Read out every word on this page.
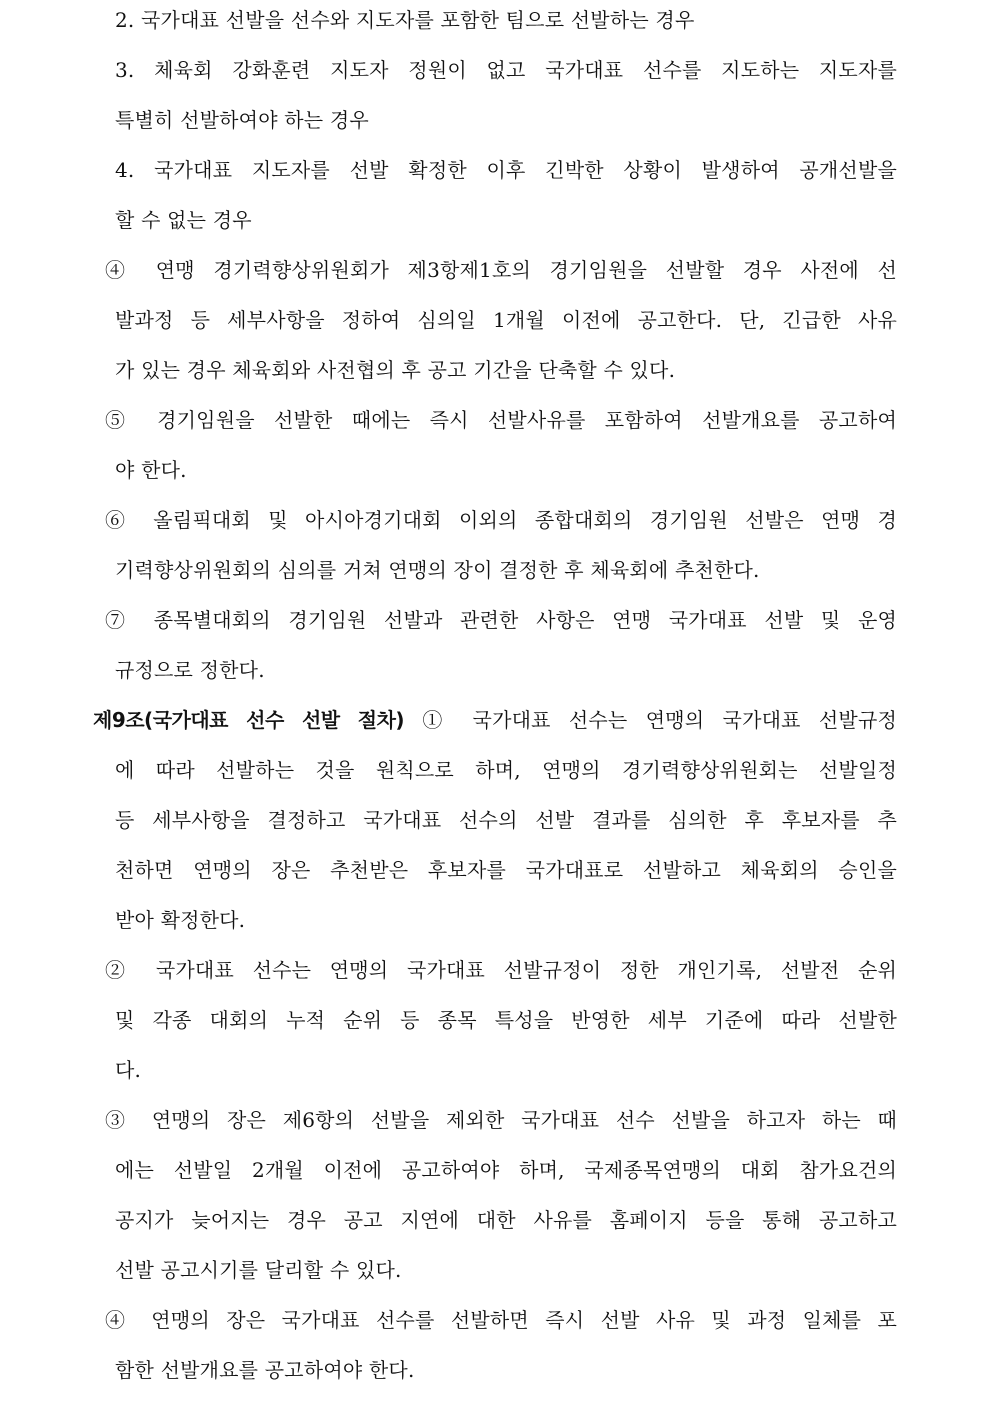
2. 국가대표 선발을 선수와 지도자를 포함한 팀으로 선발하는 경우
3. 체육회 강화훈련 지도자 정원이 없고 국가대표 선수를 지도하는 지도자를
특별히 선발하여야 하는 경우
4. 국가대표 지도자를 선발 확정한 이후 긴박한 상황이 발생하여 공개선발을
할 수 없는 경우
④ 연맹 경기력향상위원회가 제3항제1호의 경기임원을 선발할 경우 사전에 선
발과정 등 세부사항을 정하여 심의일 1개월 이전에 공고한다. 단, 긴급한 사유
가 있는 경우 체육회와 사전협의 후 공고 기간을 단축할 수 있다.
⑤ 경기임원을 선발한 때에는 즉시 선발사유를 포함하여 선발개요를 공고하여
야 한다.
⑥ 올림픽대회 및 아시아경기대회 이외의 종합대회의 경기임원 선발은 연맹 경
기력향상위원회의 심의를 거쳐 연맹의 장이 결정한 후 체육회에 추천한다.
⑦ 종목별대회의 경기임원 선발과 관련한 사항은 연맹 국가대표 선발 및 운영
규정으로 정한다.
제9조(국가대표 선수 선발 절차) ① 국가대표 선수는 연맹의 국가대표 선발규정
에 따라 선발하는 것을 원칙으로 하며, 연맹의 경기력향상위원회는 선발일정
등 세부사항을 결정하고 국가대표 선수의 선발 결과를 심의한 후 후보자를 추
천하면 연맹의 장은 추천받은 후보자를 국가대표로 선발하고 체육회의 승인을
받아 확정한다.
② 국가대표 선수는 연맹의 국가대표 선발규정이 정한 개인기록, 선발전 순위
및 각종 대회의 누적 순위 등 종목 특성을 반영한 세부 기준에 따라 선발한
다.
③ 연맹의 장은 제6항의 선발을 제외한 국가대표 선수 선발을 하고자 하는 때
에는 선발일 2개월 이전에 공고하여야 하며, 국제종목연맹의 대회 참가요건의
공지가 늦어지는 경우 공고 지연에 대한 사유를 홈페이지 등을 통해 공고하고
선발 공고시기를 달리할 수 있다.
④ 연맹의 장은 국가대표 선수를 선발하면 즉시 선발 사유 및 과정 일체를 포
함한 선발개요를 공고하여야 한다.
